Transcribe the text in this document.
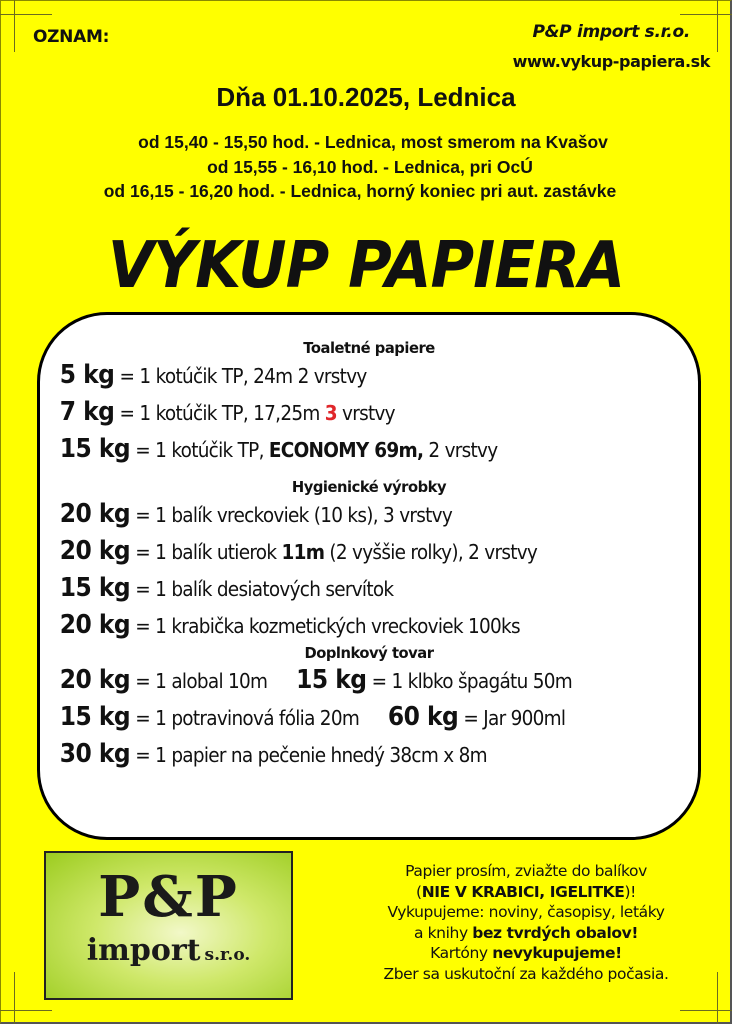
OZNAM:	P&P import s.r.o.
www.vykup-papiera.sk
Dňa 01.10.2025, Lednica
od 15,40 - 15,50 hod. - Lednica, most smerom na Kvašov
od 15,55 - 16,10 hod. - Lednica, pri OcÚ
od 16,15 - 16,20 hod. - Lednica, horný koniec pri aut. zastávke
VÝKUP PAPIERA
Toaletné papiere
5 kg = 1 kotúčik TP, 24m 2 vrstvy
7 kg = 1 kotúčik TP, 17,25m 3 vrstvy
15 kg = 1 kotúčik TP, ECONOMY 69m, 2 vrstvy
Hygienické výrobky
20 kg = 1 balík vreckoviek (10 ks), 3 vrstvy
20 kg = 1 balík utierok 11m (2 vyššie rolky), 2 vrstvy
15 kg = 1 balík desiatových servítok
20 kg = 1 krabička kozmetických vreckoviek 100ks
Doplnkový tovar
20 kg = 1 alobal 10m 15 kg = 1 klbko špagátu 50m
15 kg = 1 potravinová fólia 20m 60 kg = Jar 900ml
30 kg = 1 papier na pečenie hnedý 38cm x 8m
P&P
import s.r.o.
Papier prosím, zviažte do balíkov
(NIE V KRABICI, IGELITKE)!
Vykupujeme: noviny, časopisy, letáky
a knihy bez tvrdých obalov!
Kartóny nevykupujeme!
Zber sa uskutoční za každého počasia.
